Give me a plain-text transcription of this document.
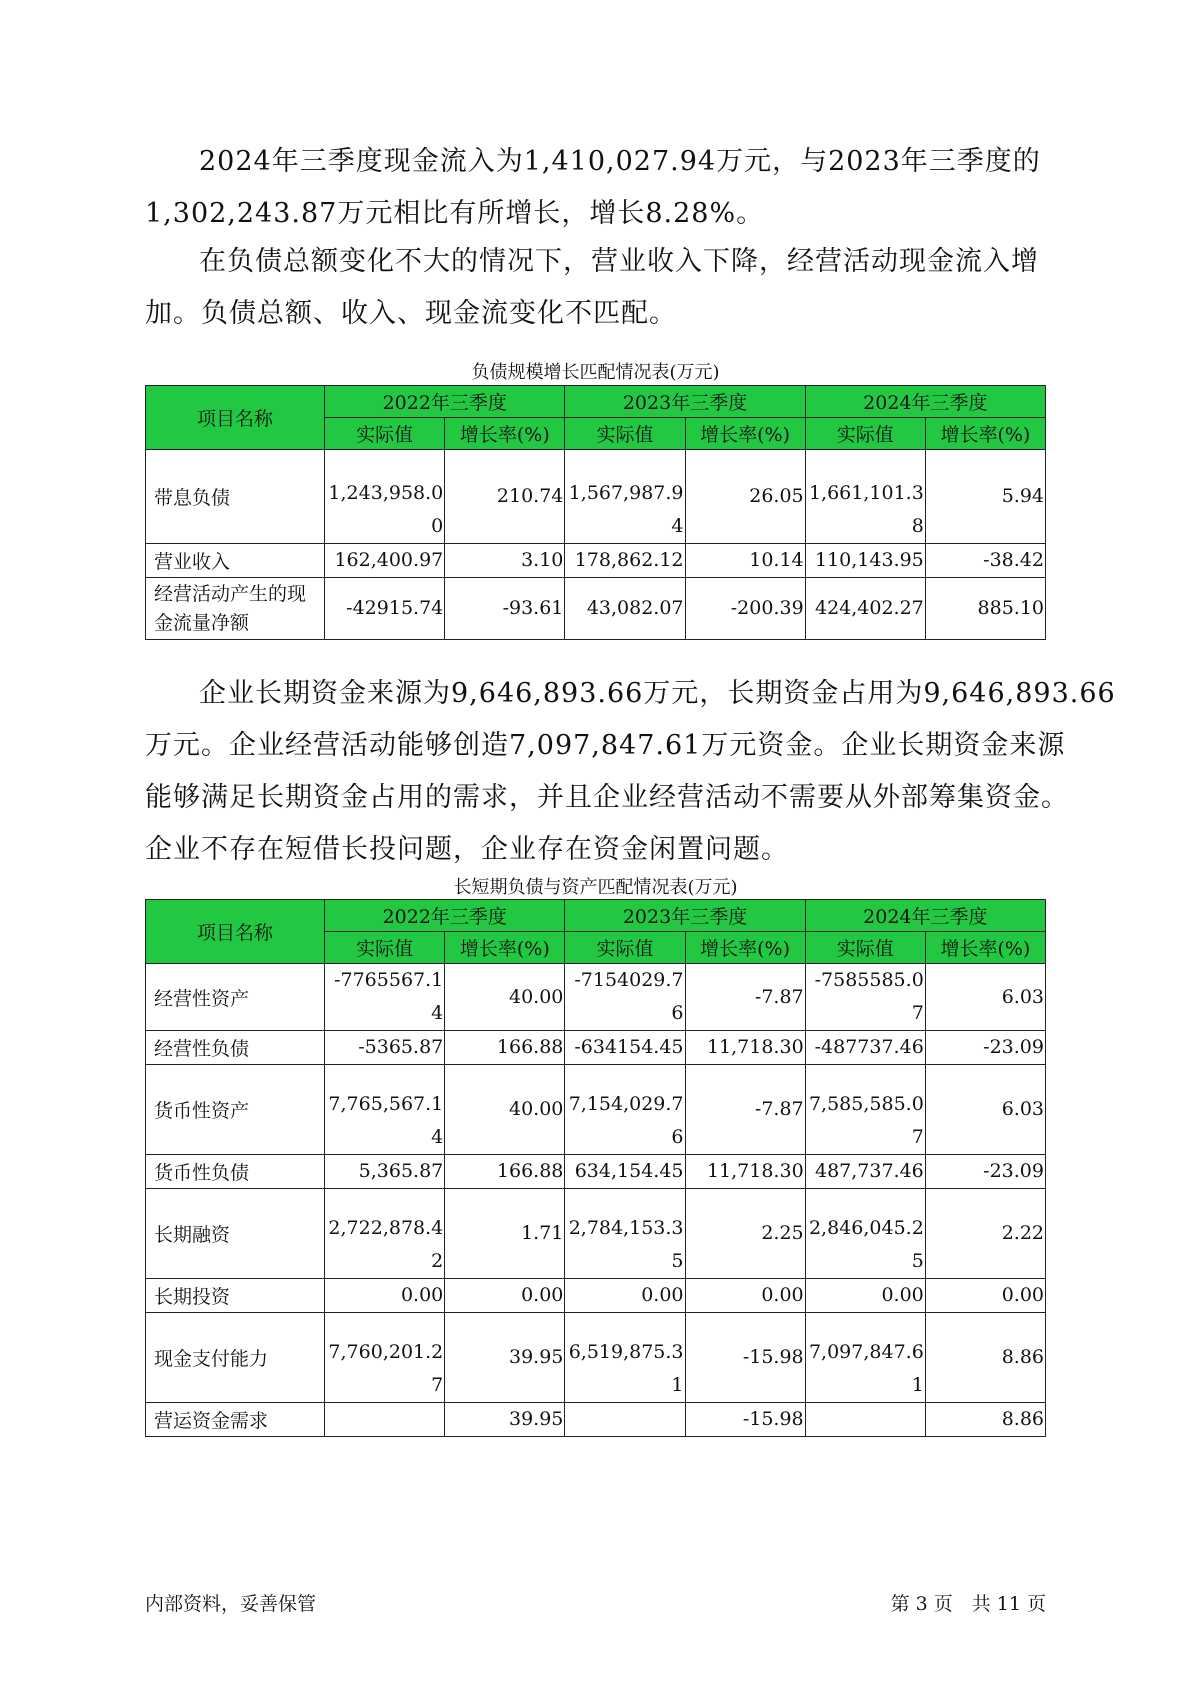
2024年三季度现金流入为1,410,027.94万元，与2023年三季度的
1,302,243.87万元相比有所增长，增长8.28%。
在负债总额变化不大的情况下，营业收入下降，经营活动现金流入增
加。负债总额、收入、现金流变化不匹配。
负债规模增长匹配情况表(万元)
项目名称	2022年三季度		2023年三季度		2024年三季度	
	实际值	增长率(%)	实际值	增长率(%)	实际值	增长率(%)
带息负债	1,243,958.00	210.74	1,567,987.94	26.05	1,661,101.38	5.94
营业收入	162,400.97	3.10	178,862.12	10.14	110,143.95	-38.42
经营活动产生的现金流量净额	-42915.74	-93.61	43,082.07	-200.39	424,402.27	885.10
企业长期资金来源为9,646,893.66万元，长期资金占用为9,646,893.66
万元。企业经营活动能够创造7,097,847.61万元资金。企业长期资金来源
能够满足长期资金占用的需求，并且企业经营活动不需要从外部筹集资金。
企业不存在短借长投问题，企业存在资金闲置问题。
长短期负债与资产匹配情况表(万元)
项目名称	2022年三季度		2023年三季度		2024年三季度	
	实际值	增长率(%)	实际值	增长率(%)	实际值	增长率(%)
经营性资产	-7765567.14	40.00	-7154029.76	-7.87	-7585585.07	6.03
经营性负债	-5365.87	166.88	-634154.45	11,718.30	-487737.46	-23.09
货币性资产	7,765,567.14	40.00	7,154,029.76	-7.87	7,585,585.07	6.03
货币性负债	5,365.87	166.88	634,154.45	11,718.30	487,737.46	-23.09
长期融资	2,722,878.42	1.71	2,784,153.35	2.25	2,846,045.25	2.22
长期投资	0.00	0.00	0.00	0.00	0.00	0.00
现金支付能力	7,760,201.27	39.95	6,519,875.31	-15.98	7,097,847.61	8.86
营运资金需求		39.95		-15.98		8.86
内部资料，妥善保管	第 3 页　共 11 页
